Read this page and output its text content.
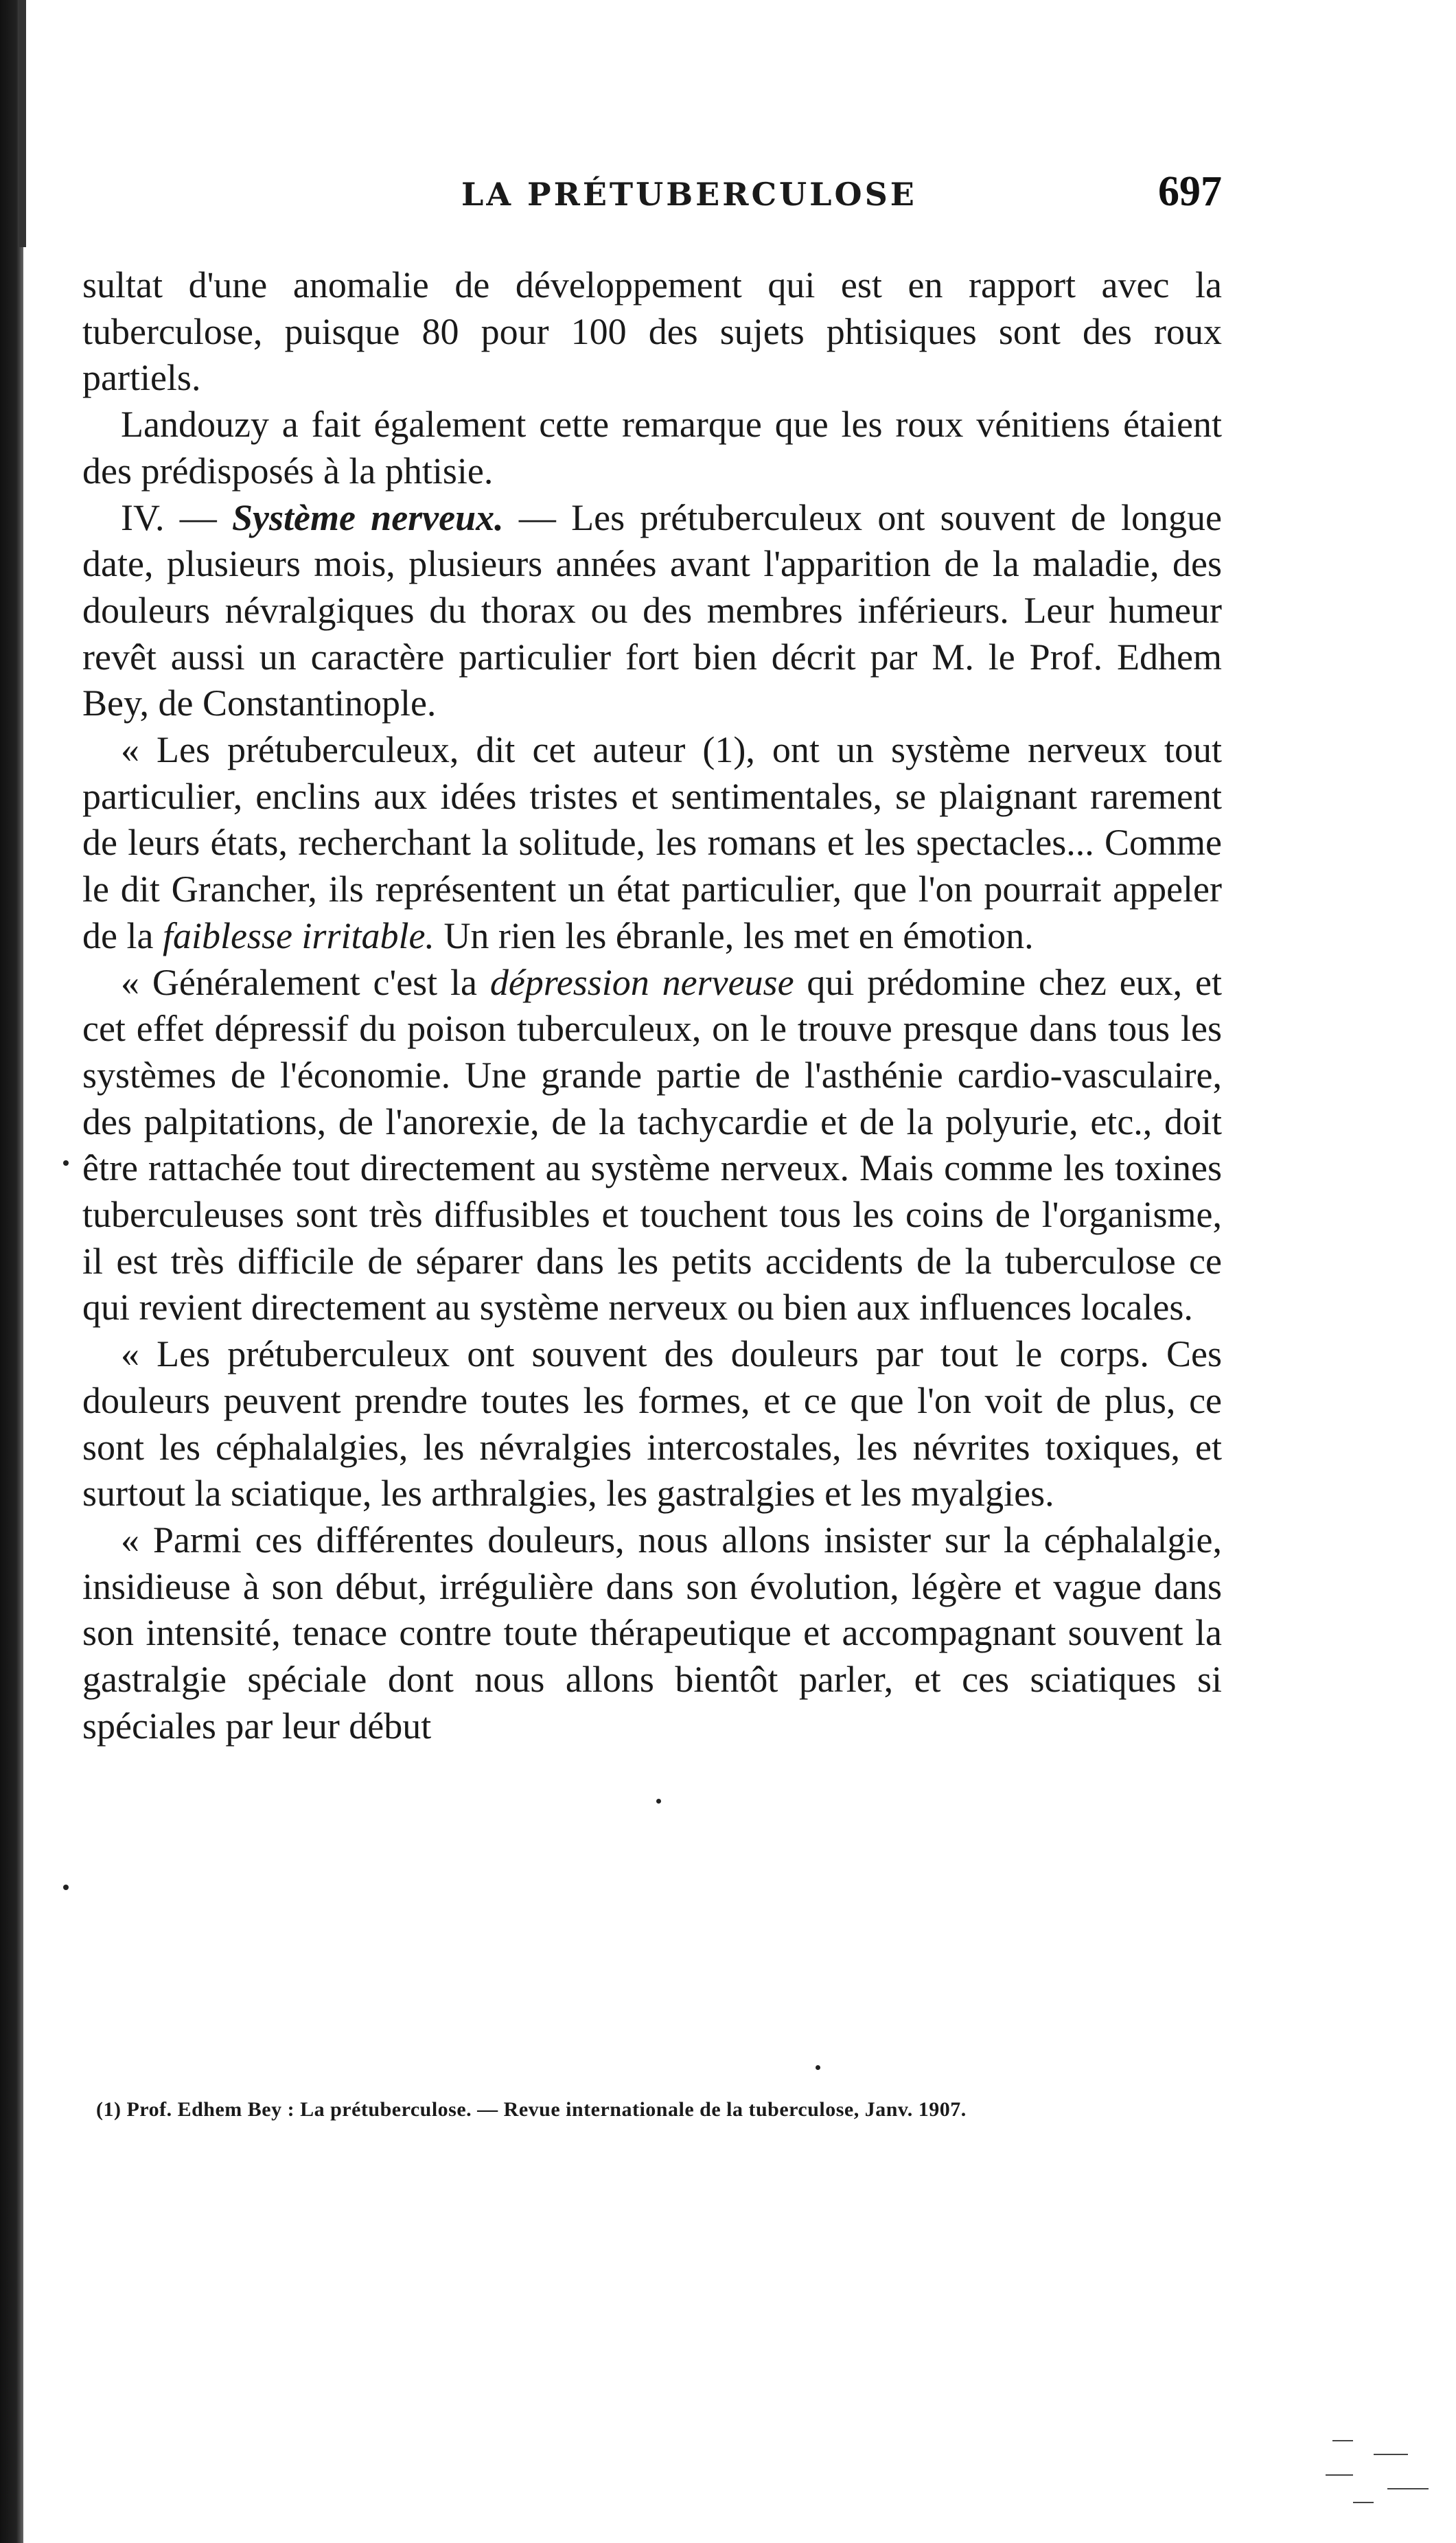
LA PRÉTUBERCULOSE	697

sultat d'une anomalie de développement qui est en rapport avec la tuberculose, puisque 80 pour 100 des sujets phtisiques sont des roux partiels.

Landouzy a fait également cette remarque que les roux vénitiens étaient des prédisposés à la phtisie.

IV. — Système nerveux. — Les prétuberculeux ont souvent de longue date, plusieurs mois, plusieurs années avant l'apparition de la maladie, des douleurs névralgiques du thorax ou des membres inférieurs. Leur humeur revêt aussi un caractère particulier fort bien décrit par M. le Prof. Edhem Bey, de Constantinople.

« Les prétuberculeux, dit cet auteur (1), ont un système nerveux tout particulier, enclins aux idées tristes et sentimentales, se plaignant rarement de leurs états, recherchant la solitude, les romans et les spectacles... Comme le dit Grancher, ils représentent un état particulier, que l'on pourrait appeler de la faiblesse irritable. Un rien les ébranle, les met en émotion.

« Généralement c'est la dépression nerveuse qui prédomine chez eux, et cet effet dépressif du poison tuberculeux, on le trouve presque dans tous les systèmes de l'économie. Une grande partie de l'asthénie cardio-vasculaire, des palpitations, de l'anorexie, de la tachycardie et de la polyurie, etc., doit être rattachée tout directement au système nerveux. Mais comme les toxines tuberculeuses sont très diffusibles et touchent tous les coins de l'organisme, il est très difficile de séparer dans les petits accidents de la tuberculose ce qui revient directement au système nerveux ou bien aux influences locales.

« Les prétuberculeux ont souvent des douleurs par tout le corps. Ces douleurs peuvent prendre toutes les formes, et ce que l'on voit de plus, ce sont les céphalalgies, les névralgies intercostales, les névrites toxiques, et surtout la sciatique, les arthralgies, les gastralgies et les myalgies.

« Parmi ces différentes douleurs, nous allons insister sur la céphalalgie, insidieuse à son début, irrégulière dans son évolution, légère et vague dans son intensité, tenace contre toute thérapeutique et accompagnant souvent la gastralgie spéciale dont nous allons bientôt parler, et ces sciatiques si spéciales par leur début

(1) Prof. Edhem Bey : La prétuberculose. — Revue internationale de la tuberculose, Janv. 1907.
